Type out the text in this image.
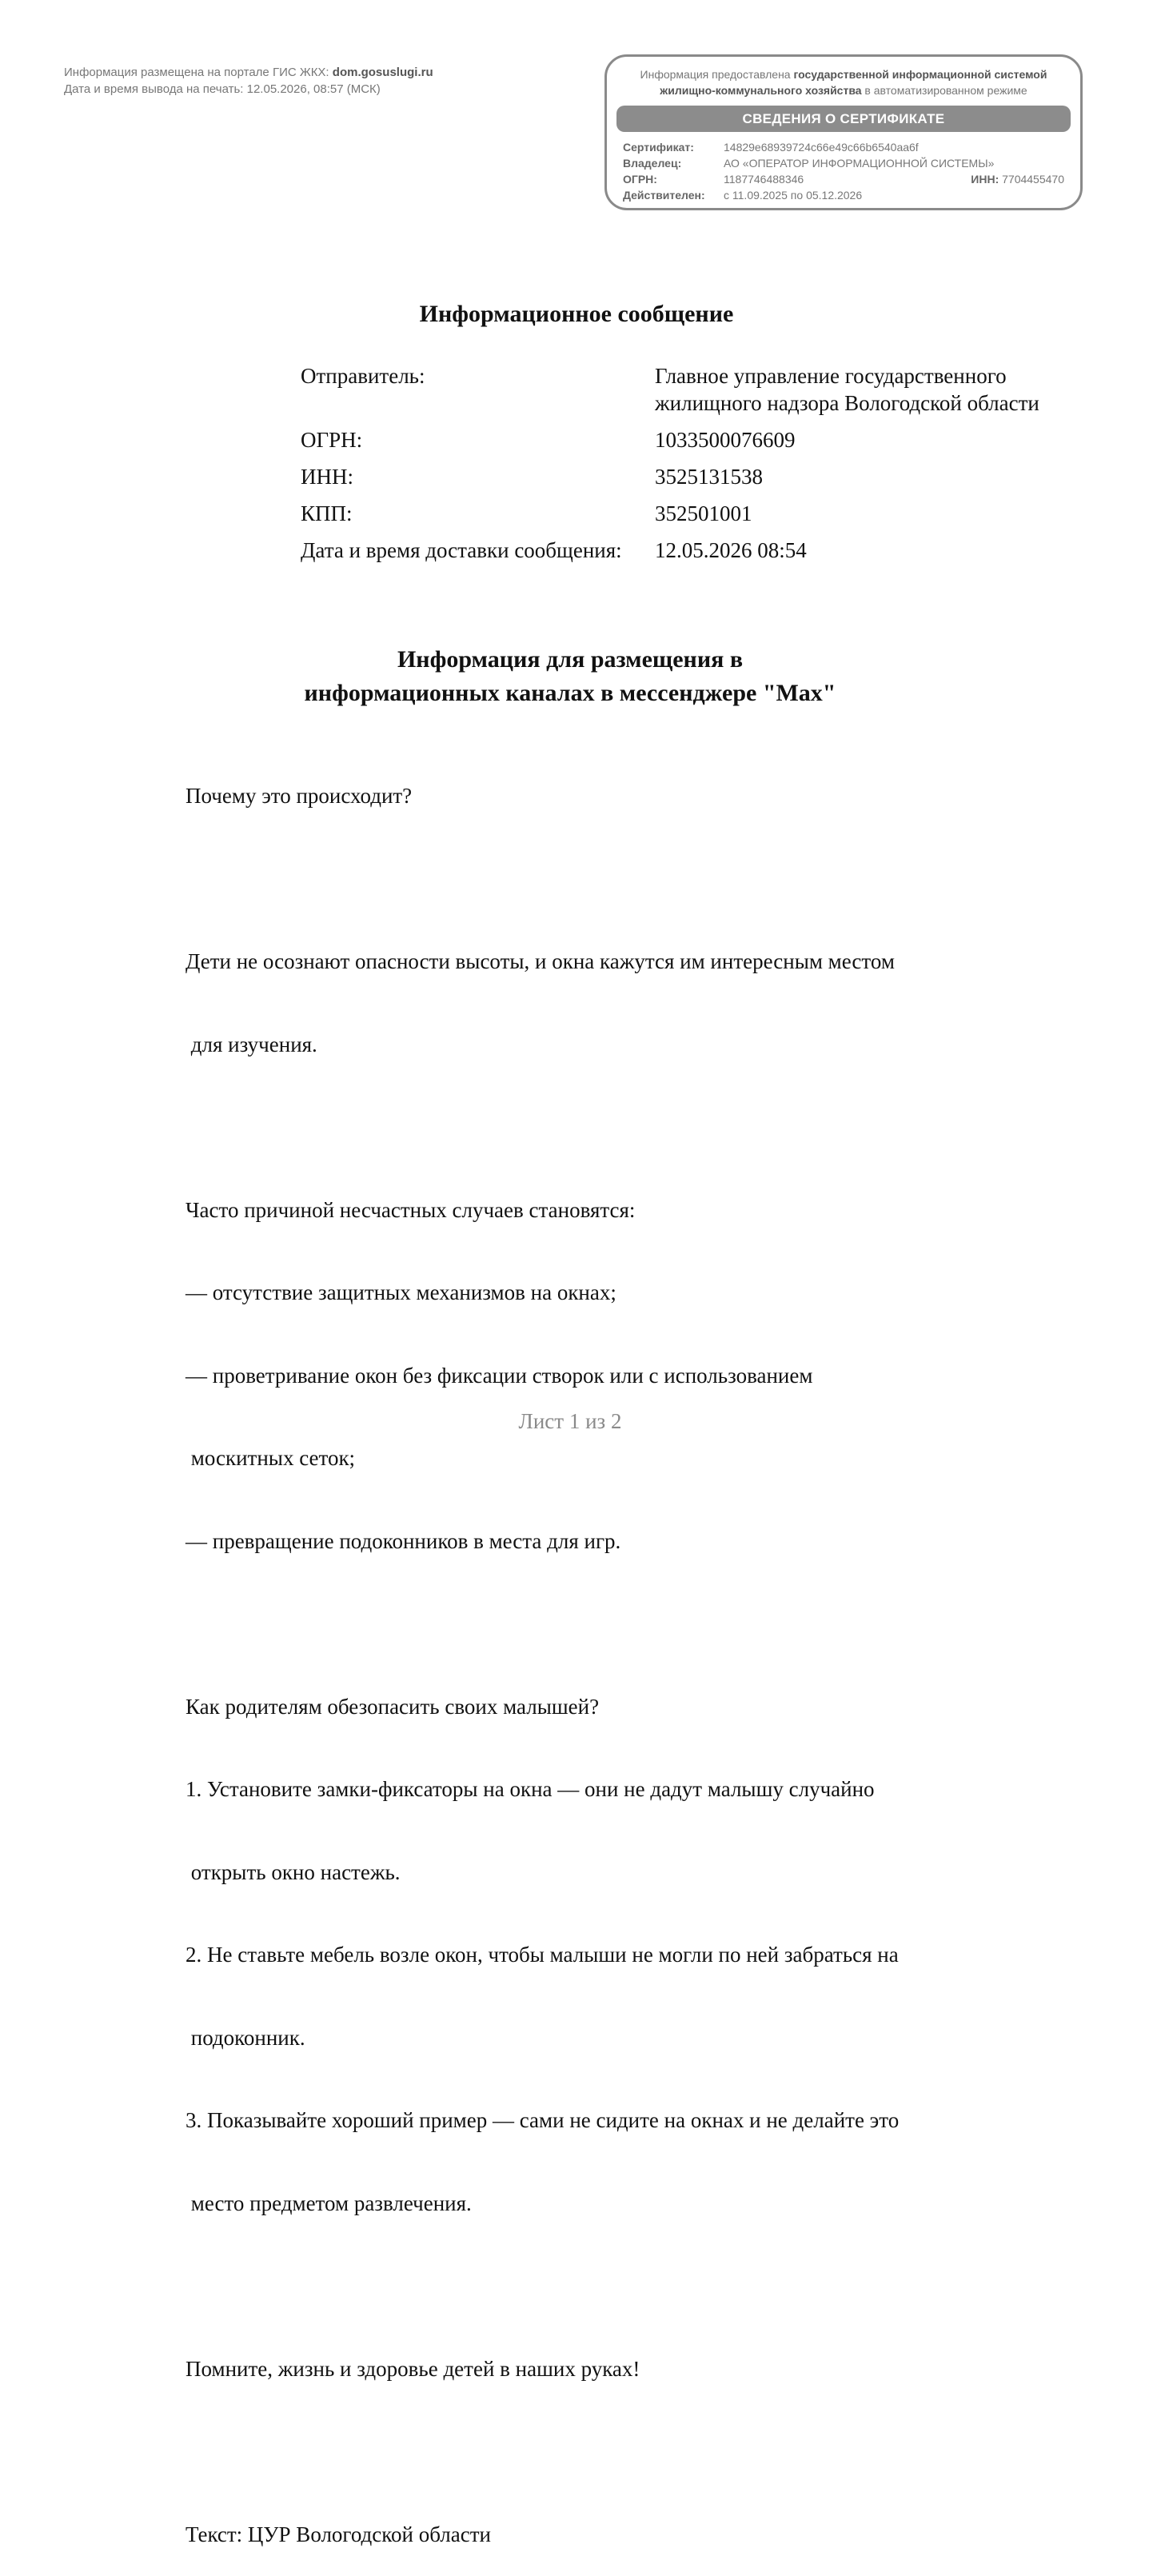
Информация размещена на портале ГИС ЖКХ: dom.gosuslugi.ru
Дата и время вывода на печать: 12.05.2026, 08:57 (МСК)
Информация предоставлена государственной информационной системой
жилищно-коммунального хозяйства в автоматизированном режиме
СВЕДЕНИЯ О СЕРТИФИКАТЕ
Сертификат:	14829e68939724c66e49c66b6540aa6f
Владелец:	АО «ОПЕРАТОР ИНФОРМАЦИОННОЙ СИСТЕМЫ»
ОГРН:	1187746488346	ИНН: 7704455470
Действителен: с 11.09.2025 по 05.12.2026
Информационное сообщение
Отправитель:	Главное управление государственного жилищного надзора Вологодской области
ОГРН:	1033500076609
ИНН:	3525131538
КПП:	352501001
Дата и время доставки сообщения: 12.05.2026 08:54
Информация для размещения в
информационных каналах в мессенджере "Max"

Почему это происходит?

Дети не осознают опасности высоты, и окна кажутся им интересным местом

для изучения.

Часто причиной несчастных случаев становятся:

— отсутствие защитных механизмов на окнах;

— проветривание окон без фиксации створок или с использованием

москитных сеток;

— превращение подоконников в места для игр.

Как родителям обезопасить своих малышей?

1. Установите замки-фиксаторы на окна — они не дадут малышу случайно

открыть окно настежь.

2. Не ставьте мебель возле окон, чтобы малыши не могли по ней забраться на

подоконник.

3. Показывайте хороший пример — сами не сидите на окнах и не делайте это

место предметом развлечения.

Помните, жизнь и здоровье детей в наших руках!

Текст: ЦУР Вологодской области

Лист 1 из 2
